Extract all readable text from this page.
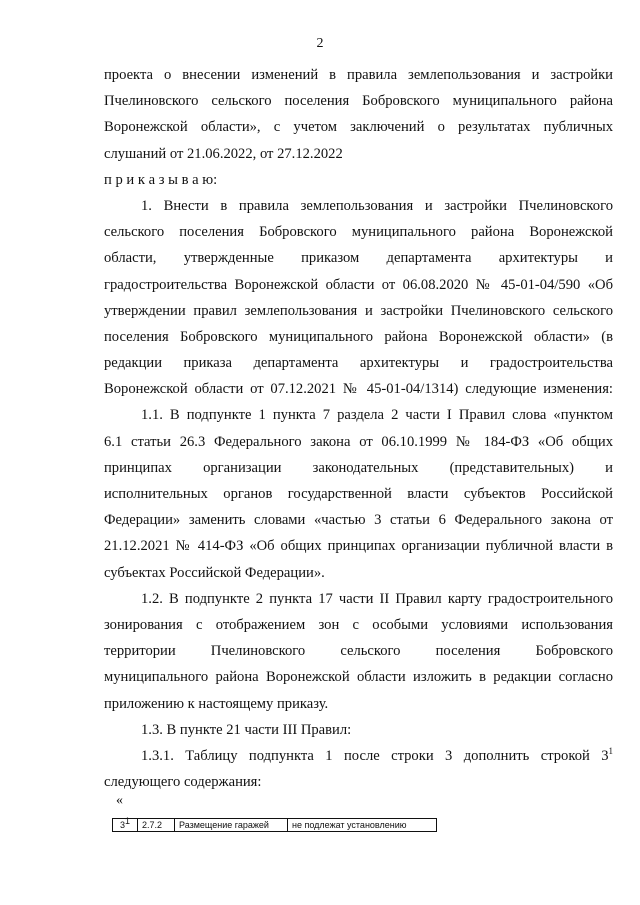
2
проекта о внесении изменений в правила землепользования и застройки
Пчелиновского сельского поселения Бобровского муниципального района
Воронежской области», с учетом заключений о результатах публичных
слушаний от 21.06.2022, от 27.12.2022
п р и к а з ы в а ю:
1. Внести в правила землепользования и застройки Пчелиновского
сельского поселения Бобровского муниципального района Воронежской
области, утвержденные приказом департамента архитектуры и
градостроительства Воронежской области от 06.08.2020 № 45-01-04/590 «Об
утверждении правил землепользования и застройки Пчелиновского сельского
поселения Бобровского муниципального района Воронежской области» (в
редакции приказа департамента архитектуры и градостроительства
Воронежской области от 07.12.2021 № 45-01-04/1314) следующие изменения:
1.1. В подпункте 1 пункта 7 раздела 2 части I Правил слова «пунктом
6.1 статьи 26.3 Федерального закона от 06.10.1999 № 184-ФЗ «Об общих
принципах организации законодательных (представительных) и
исполнительных органов государственной власти субъектов Российской
Федерации» заменить словами «частью 3 статьи 6 Федерального закона от
21.12.2021 № 414-ФЗ «Об общих принципах организации публичной власти в
субъектах Российской Федерации».
1.2. В подпункте 2 пункта 17 части II Правил карту градостроительного
зонирования с отображением зон с особыми условиями использования
территории Пчелиновского сельского поселения Бобровского
муниципального района Воронежской области изложить в редакции согласно
приложению к настоящему приказу.
1.3. В пункте 21 части III Правил:
1.3.1. Таблицу подпункта 1 после строки 3 дополнить строкой $3^1$
следующего содержания:
«
$3^1$	2.7.2	Размещение гаражей	не подлежат установлению
